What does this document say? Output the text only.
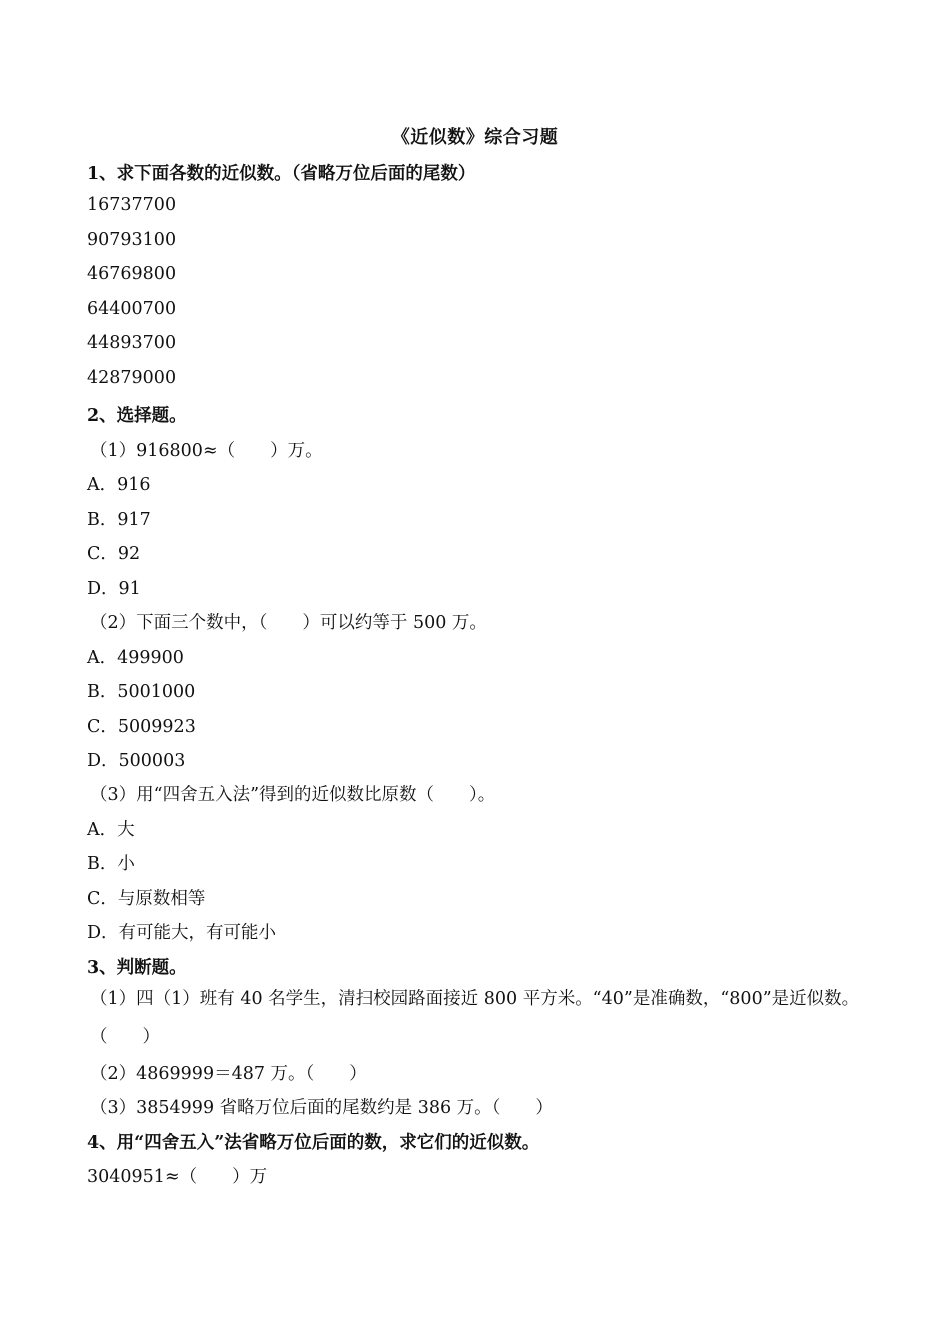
《近似数》综合习题
1、求下面各数的近似数。（省略万位后面的尾数）
16737700
90793100
46769800
64400700
44893700
42879000
2、选择题。
（1）916800≈（　　）万。
A．916
B．917
C．92
D．91
（2）下面三个数中，（　　）可以约等于 500 万。
A．499900
B．5001000
C．5009923
D．500003
（3）用“四舍五入法”得到的近似数比原数（　　）。
A．大
B．小
C．与原数相等
D．有可能大，有可能小
3、判断题。
（1）四（1）班有 40 名学生，清扫校园路面接近 800 平方米。“40”是准确数，“800”是近似数。（　　）
（2）4869999＝487 万。（　　）
（3）3854999 省略万位后面的尾数约是 386 万。（　　）
4、用“四舍五入”法省略万位后面的数，求它们的近似数。
3040951≈（　　）万
